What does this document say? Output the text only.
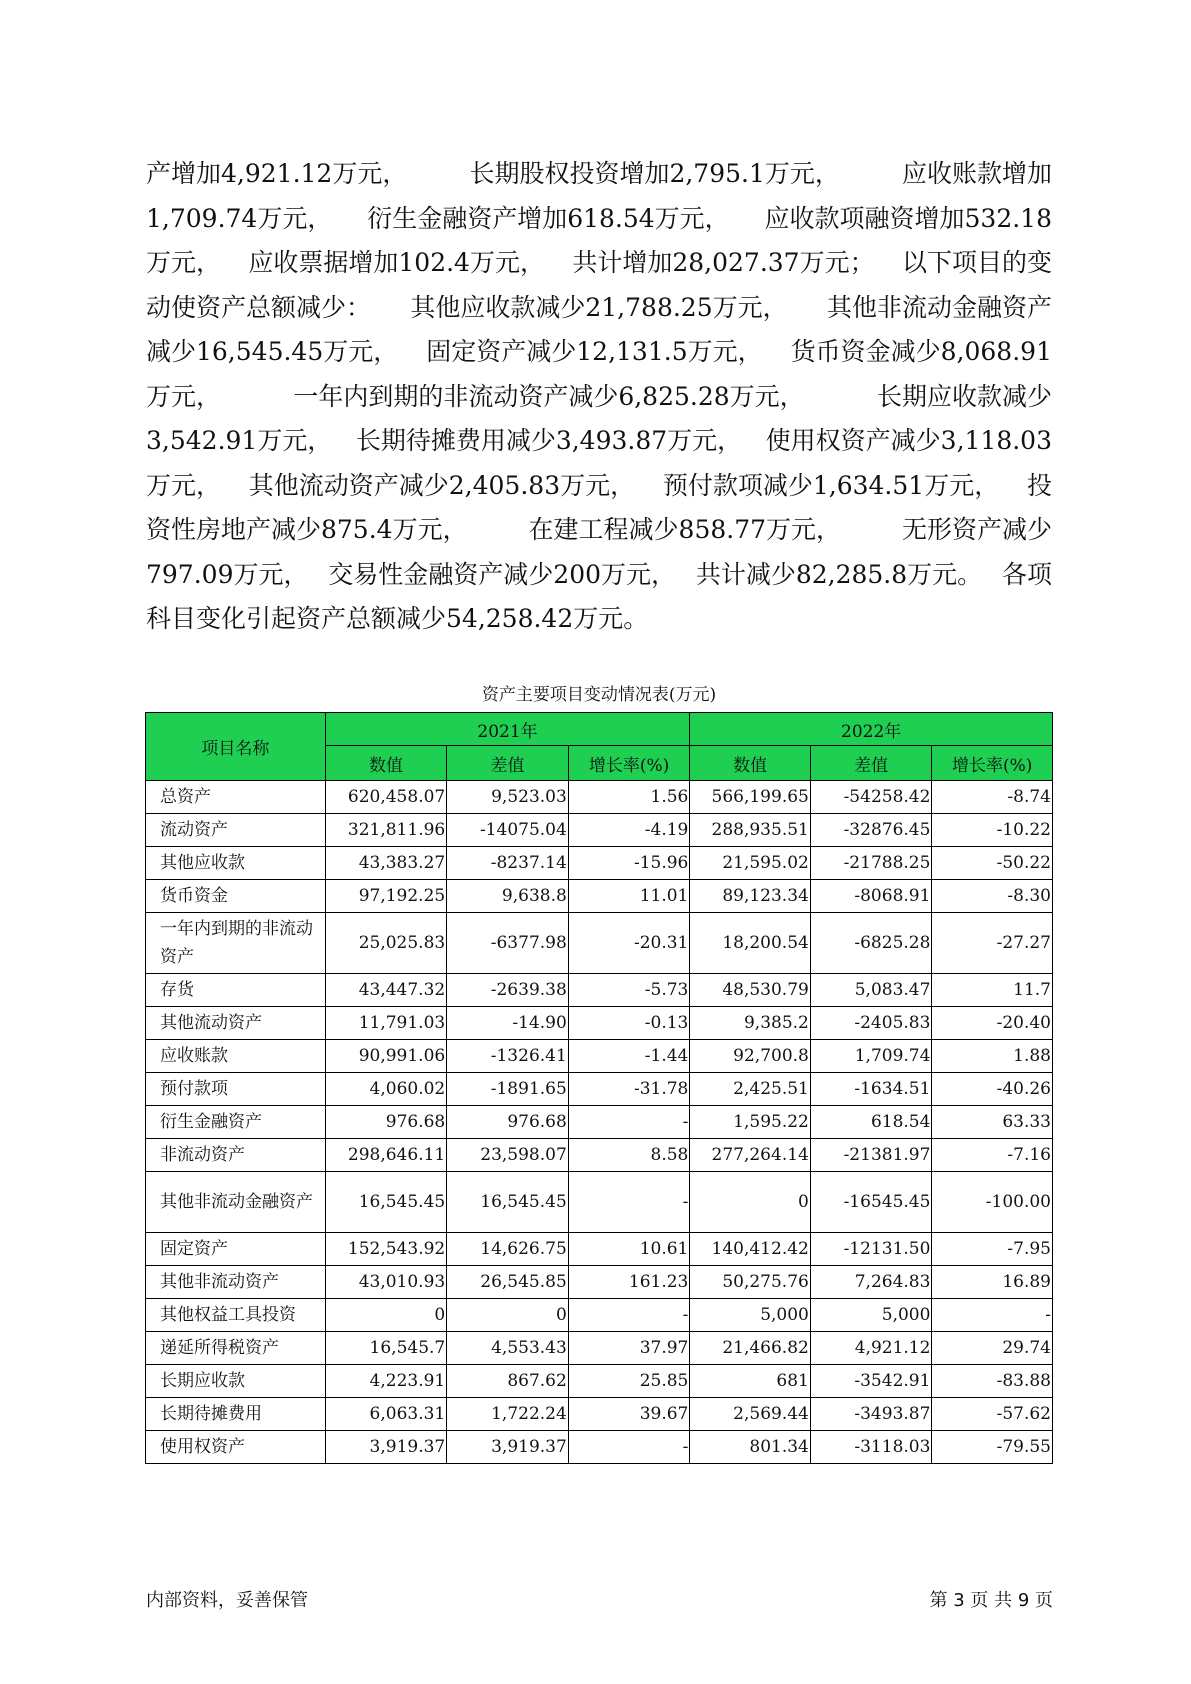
产增加4,921.12万元， 长期股权投资增加2,795.1万元， 应收账款增加
1,709.74万元， 衍生金融资产增加618.54万元， 应收款项融资增加532.18
万元， 应收票据增加102.4万元， 共计增加28,027.37万元； 以下项目的变
动使资产总额减少： 其他应收款减少21,788.25万元， 其他非流动金融资产
减少16,545.45万元， 固定资产减少12,131.5万元， 货币资金减少8,068.91
万元，	一年内到期的非流动资产减少6,825.28万元，	长期应收款减少
3,542.91万元， 长期待摊费用减少3,493.87万元， 使用权资产减少3,118.03
万元， 其他流动资产减少2,405.83万元， 预付款项减少1,634.51万元， 投
资性房地产减少875.4万元， 在建工程减少858.77万元， 无形资产减少
797.09万元， 交易性金融资产减少200万元， 共计减少82,285.8万元。 各项
科目变化引起资产总额减少54,258.42万元。
资产主要项目变动情况表(万元)
项目名称	2021年			2022年		
	数值	差值	增长率(%)	数值	差值	增长率(%)
总资产	620,458.07	9,523.03	1.56	566,199.65	-54258.42	-8.74
流动资产	321,811.96	-14075.04	-4.19	288,935.51	-32876.45	-10.22
其他应收款	43,383.27	-8237.14	-15.96	21,595.02	-21788.25	-50.22
货币资金	97,192.25	9,638.8	11.01	89,123.34	-8068.91	-8.30
一年内到期的非流动资产	25,025.83	-6377.98	-20.31	18,200.54	-6825.28	-27.27
存货	43,447.32	-2639.38	-5.73	48,530.79	5,083.47	11.7
其他流动资产	11,791.03	-14.90	-0.13	9,385.2	-2405.83	-20.40
应收账款	90,991.06	-1326.41	-1.44	92,700.8	1,709.74	1.88
预付款项	4,060.02	-1891.65	-31.78	2,425.51	-1634.51	-40.26
衍生金融资产	976.68	976.68	-	1,595.22	618.54	63.33
非流动资产	298,646.11	23,598.07	8.58	277,264.14	-21381.97	-7.16
其他非流动金融资产	16,545.45	16,545.45	-	0	-16545.45	-100.00
固定资产	152,543.92	14,626.75	10.61	140,412.42	-12131.50	-7.95
其他非流动资产	43,010.93	26,545.85	161.23	50,275.76	7,264.83	16.89
其他权益工具投资	0	0	-	5,000	5,000	-
递延所得税资产	16,545.7	4,553.43	37.97	21,466.82	4,921.12	29.74
长期应收款	4,223.91	867.62	25.85	681	-3542.91	-83.88
长期待摊费用	6,063.31	1,722.24	39.67	2,569.44	-3493.87	-57.62
使用权资产	3,919.37	3,919.37	-	801.34	-3118.03	-79.55
内部资料，妥善保管	第 3 页 共 9 页
